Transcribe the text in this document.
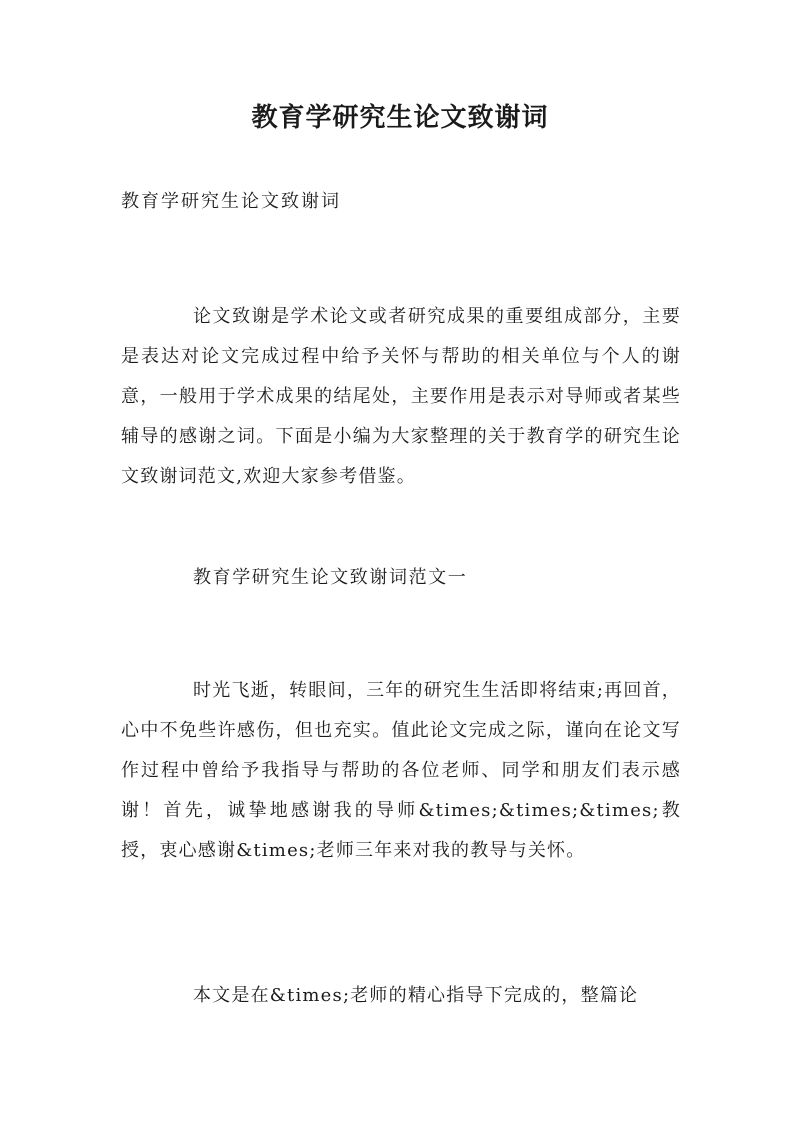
教育学研究生论文致谢词
教育学研究生论文致谢词

论文致谢是学术论文或者研究成果的重要组成部分，主要是表达对论文完成过程中给予关怀与帮助的相关单位与个人的谢意，一般用于学术成果的结尾处，主要作用是表示对导师或者某些辅导的感谢之词。下面是小编为大家整理的关于教育学的研究生论文致谢词范文,欢迎大家参考借鉴。

教育学研究生论文致谢词范文一

时光飞逝，转眼间，三年的研究生生活即将结束;再回首，心中不免些许感伤，但也充实。值此论文完成之际，谨向在论文写作过程中曾给予我指导与帮助的各位老师、同学和朋友们表示感谢！首先，诚挚地感谢我的导师&times;&times;&times;教授，衷心感谢&times;老师三年来对我的教导与关怀。

本文是在&times;老师的精心指导下完成的，整篇论
